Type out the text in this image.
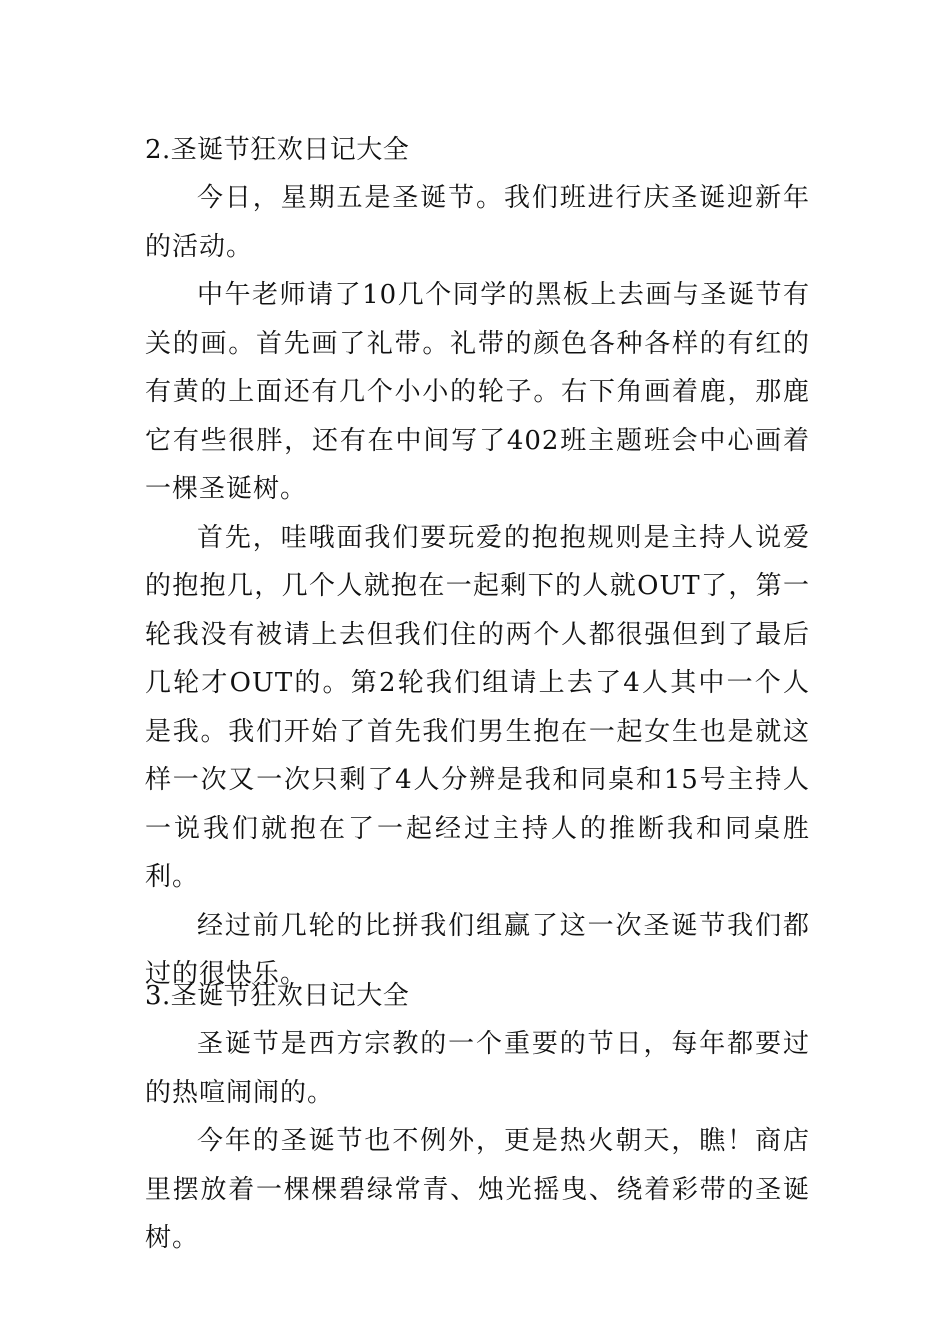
2.圣诞节狂欢日记大全

今日，星期五是圣诞节。我们班进行庆圣诞迎新年的活动。

中午老师请了10几个同学的黑板上去画与圣诞节有关的画。首先画了礼带。礼带的颜色各种各样的有红的有黄的上面还有几个小小的轮子。右下角画着鹿，那鹿它有些很胖，还有在中间写了402班主题班会中心画着一棵圣诞树。

首先，哇哦面我们要玩爱的抱抱规则是主持人说爱的抱抱几，几个人就抱在一起剩下的人就OUT了，第一轮我没有被请上去但我们住的两个人都很强但到了最后几轮才OUT的。第2轮我们组请上去了4人其中一个人是我。我们开始了首先我们男生抱在一起女生也是就这样一次又一次只剩了4人分辨是我和同桌和15号主持人一说我们就抱在了一起经过主持人的推断我和同桌胜利。

经过前几轮的比拼我们组赢了这一次圣诞节我们都过的很快乐。

3.圣诞节狂欢日记大全

圣诞节是西方宗教的一个重要的节日，每年都要过的热喧闹闹的。

今年的圣诞节也不例外，更是热火朝天，瞧！商店里摆放着一棵棵碧绿常青、烛光摇曳、绕着彩带的圣诞树。
